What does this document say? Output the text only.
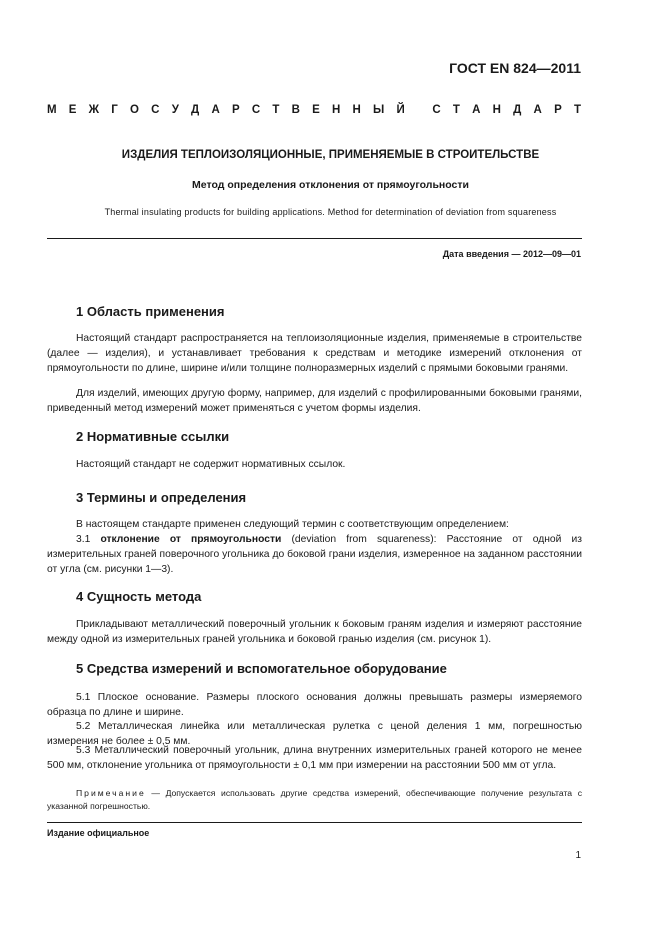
ГОСТ EN 824—2011
М Е Ж Г О С У Д А Р С Т В Е Н Н Ы Й
С Т А Н Д А Р Т
ИЗДЕЛИЯ ТЕПЛОИЗОЛЯЦИОННЫЕ, ПРИМЕНЯЕМЫЕ В СТРОИТЕЛЬСТВЕ
Метод определения отклонения от прямоугольности
Thermal insulating products for building applications. Method for determination of deviation from squareness
Дата введения — 2012—09—01
1 Область применения

Настоящий стандарт распространяется на теплоизоляционные изделия, применяемые в строительстве (далее — изделия), и устанавливает требования к средствам и методике измерений отклонения от прямоугольности по длине, ширине и/или толщине полноразмерных изделий с прямыми боковыми гранями.

Для изделий, имеющих другую форму, например, для изделий с профилированными боковыми гранями, приведенный метод измерений может применяться с учетом формы изделия.

2 Нормативные ссылки

Настоящий стандарт не содержит нормативных ссылок.

3 Термины и определения

В настоящем стандарте применен следующий термин с соответствующим определением:

3.1 отклонение от прямоугольности (deviation from squareness): Расстояние от одной из измерительных граней поверочного угольника до боковой грани изделия, измеренное на заданном расстоянии от угла (см. рисунки 1—3).

4 Сущность метода

Прикладывают металлический поверочный угольник к боковым граням изделия и измеряют расстояние между одной из измерительных граней угольника и боковой гранью изделия (см. рисунок 1).

5 Средства измерений и вспомогательное оборудование

5.1 Плоское основание. Размеры плоского основания должны превышать размеры измеряемого образца по длине и ширине.

5.2 Металлическая линейка или металлическая рулетка с ценой деления 1 мм, погрешностью измерения не более ± 0,5 мм.

5.3 Металлический поверочный угольник, длина внутренних измерительных граней которого не менее 500 мм, отклонение угольника от прямоугольности ± 0,1 мм при измерении на расстоянии 500 мм от угла.

Примечание — Допускается использовать другие средства измерений, обеспечивающие получение результата с указанной погрешностью.

Издание официальное
1
